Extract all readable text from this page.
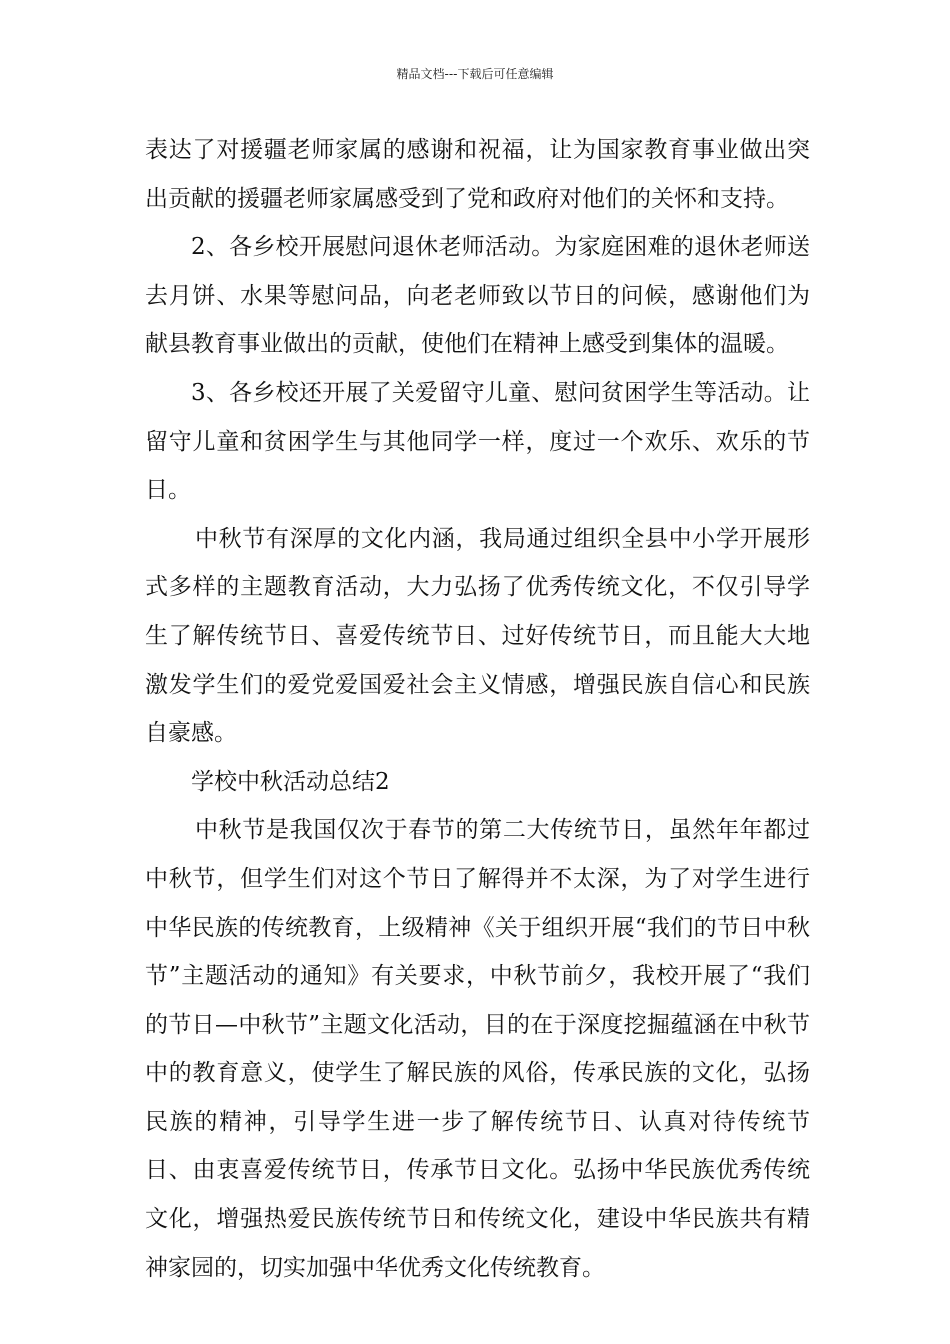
精品文档---下载后可任意编辑

表达了对援疆老师家属的感谢和祝福，让为国家教育事业做出突出贡献的援疆老师家属感受到了党和政府对他们的关怀和支持。

2、各乡校开展慰问退休老师活动。为家庭困难的退休老师送去月饼、水果等慰问品，向老老师致以节日的问候，感谢他们为献县教育事业做出的贡献，使他们在精神上感受到集体的温暖。

3、各乡校还开展了关爱留守儿童、慰问贫困学生等活动。让留守儿童和贫困学生与其他同学一样，度过一个欢乐、欢乐的节日。

中秋节有深厚的文化内涵，我局通过组织全县中小学开展形式多样的主题教育活动，大力弘扬了优秀传统文化，不仅引导学生了解传统节日、喜爱传统节日、过好传统节日，而且能大大地激发学生们的爱党爱国爱社会主义情感，增强民族自信心和民族自豪感。

学校中秋活动总结2

中秋节是我国仅次于春节的第二大传统节日，虽然年年都过中秋节，但学生们对这个节日了解得并不太深，为了对学生进行中华民族的传统教育，上级精神《关于组织开展“我们的节日中秋节”主题活动的通知》有关要求，中秋节前夕，我校开展了“我们的节日—中秋节”主题文化活动，目的在于深度挖掘蕴涵在中秋节中的教育意义，使学生了解民族的风俗，传承民族的文化，弘扬民族的精神，引导学生进一步了解传统节日、认真对待传统节日、由衷喜爱传统节日，传承节日文化。弘扬中华民族优秀传统文化，增强热爱民族传统节日和传统文化，建设中华民族共有精神家园的，切实加强中华优秀文化传统教育。
